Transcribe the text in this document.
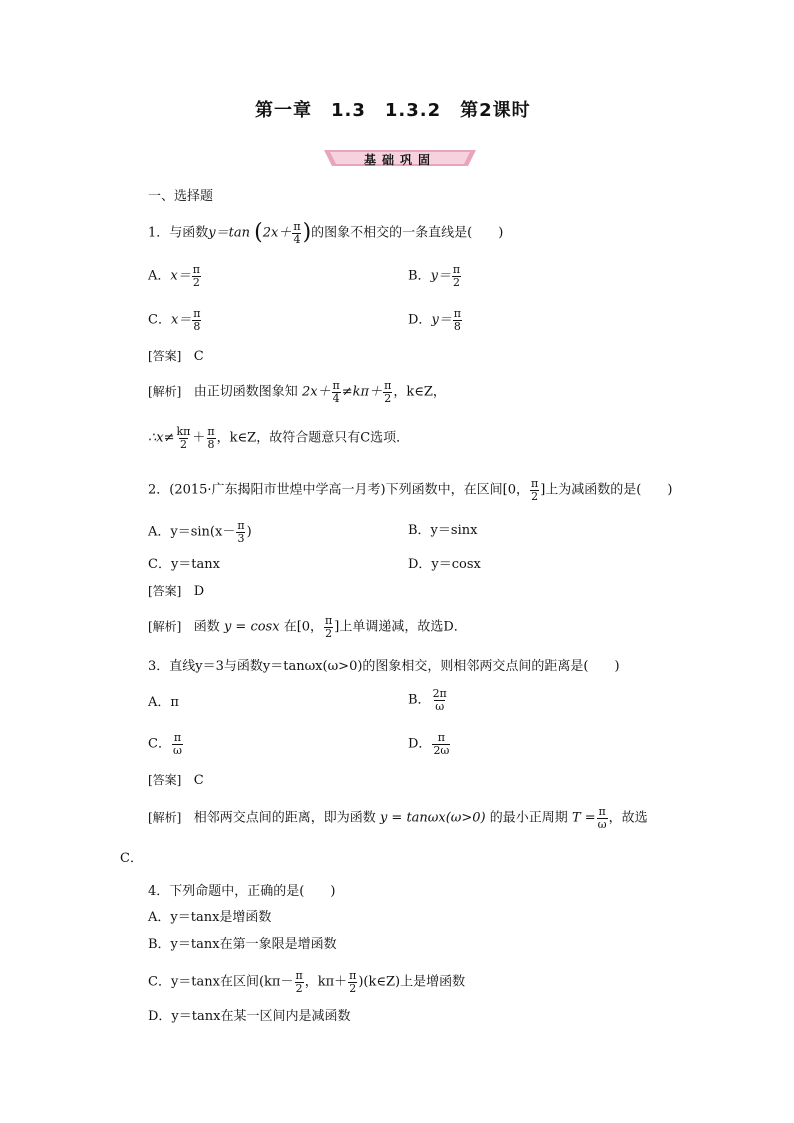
第一章　1.3　1.3.2　第2课时
基础巩固
一、选择题
1．与函数y＝tan ($2x+ \frac{\pi}{4}$ )的图象不相交的一条直线是( )
A．$x= \frac{\pi}{2}$	B．$y= \frac{\pi}{2}$
C．$x= \frac{\pi}{8}$	D．$y= \frac{\pi}{8}$
[答案] C
[解析] 由正切函数图象知 $2x+ \frac{\pi}{4} \ne k\pi+ \frac{\pi}{2}$ ，k∈Z，
∴x≠ $\frac{k\pi}{2} + \frac{\pi}{8}$ ，k∈Z，故符合题意只有C选项．
2．(2015·广东揭阳市世煌中学高一月考)下列函数中，在区间[0， $\frac{\pi}{2}$ ]上为减函数的是( )
A．$y=\sin(x- \frac{\pi}{3}$ )	B．y＝sinx
C．y＝tanx	D．y＝cosx
[答案] D
[解析] 函数 y = cosx 在[0， $\frac{\pi}{2}$ ]上单调递减，故选D．
3．直线y＝3与函数y＝tanωx(ω>0)的图象相交，则相邻两交点间的距离是( )
A．π	B． $\frac{2\pi}{\omega}$
C． $\frac{\pi}{\omega}$	D． $\frac{\pi}{2\omega}$
[答案] C
[解析] 相邻两交点间的距离，即为函数 y = tanωx(ω>0) 的最小正周期 $T = \frac{\pi}{\omega}$ ，故选
C．
4．下列命题中，正确的是( )
A．y＝tanx是增函数
B．y＝tanx在第一象限是增函数
C．y＝tanx在区间($k\pi- \frac{\pi}{2}$ ，$k\pi+ \frac{\pi}{2}$ )(k∈Z)上是增函数
D．y＝tanx在某一区间内是减函数
